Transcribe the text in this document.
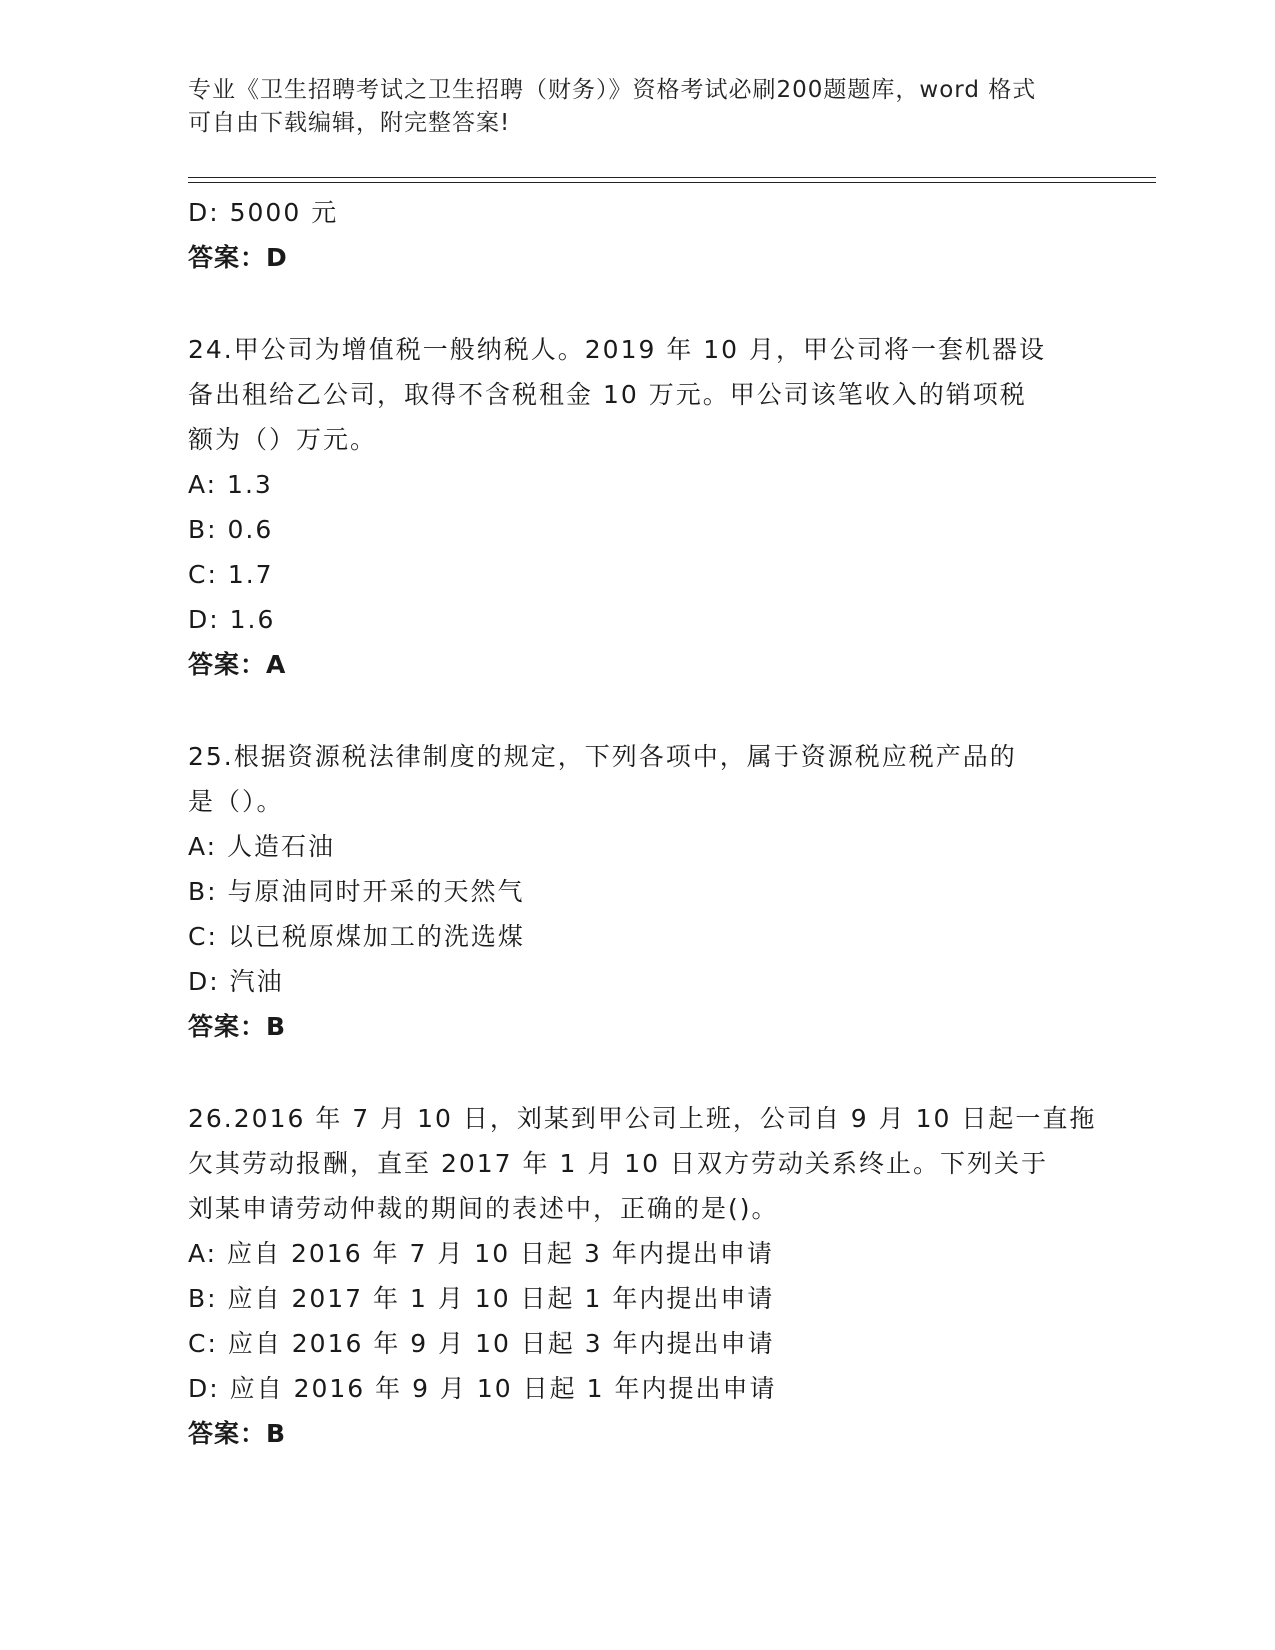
专业《卫生招聘考试之卫生招聘（财务）》资格考试必刷200题题库，word 格式
可自由下载编辑，附完整答案!
D: 5000 元
答案：D
24.甲公司为增值税一般纳税人。2019 年 10 月，甲公司将一套机器设
备出租给乙公司，取得不含税租金 10 万元。甲公司该笔收入的销项税
额为（）万元。
A: 1.3
B: 0.6
C: 1.7
D: 1.6
答案：A
25.根据资源税法律制度的规定，下列各项中，属于资源税应税产品的
是（）。
A: 人造石油
B: 与原油同时开采的天然气
C: 以已税原煤加工的洗选煤
D: 汽油
答案：B
26.2016 年 7 月 10 日，刘某到甲公司上班，公司自 9 月 10 日起一直拖
欠其劳动报酬，直至 2017 年 1 月 10 日双方劳动关系终止。下列关于
刘某申请劳动仲裁的期间的表述中，正确的是()。
A: 应自 2016 年 7 月 10 日起 3 年内提出申请
B: 应自 2017 年 1 月 10 日起 1 年内提出申请
C: 应自 2016 年 9 月 10 日起 3 年内提出申请
D: 应自 2016 年 9 月 10 日起 1 年内提出申请
答案：B
